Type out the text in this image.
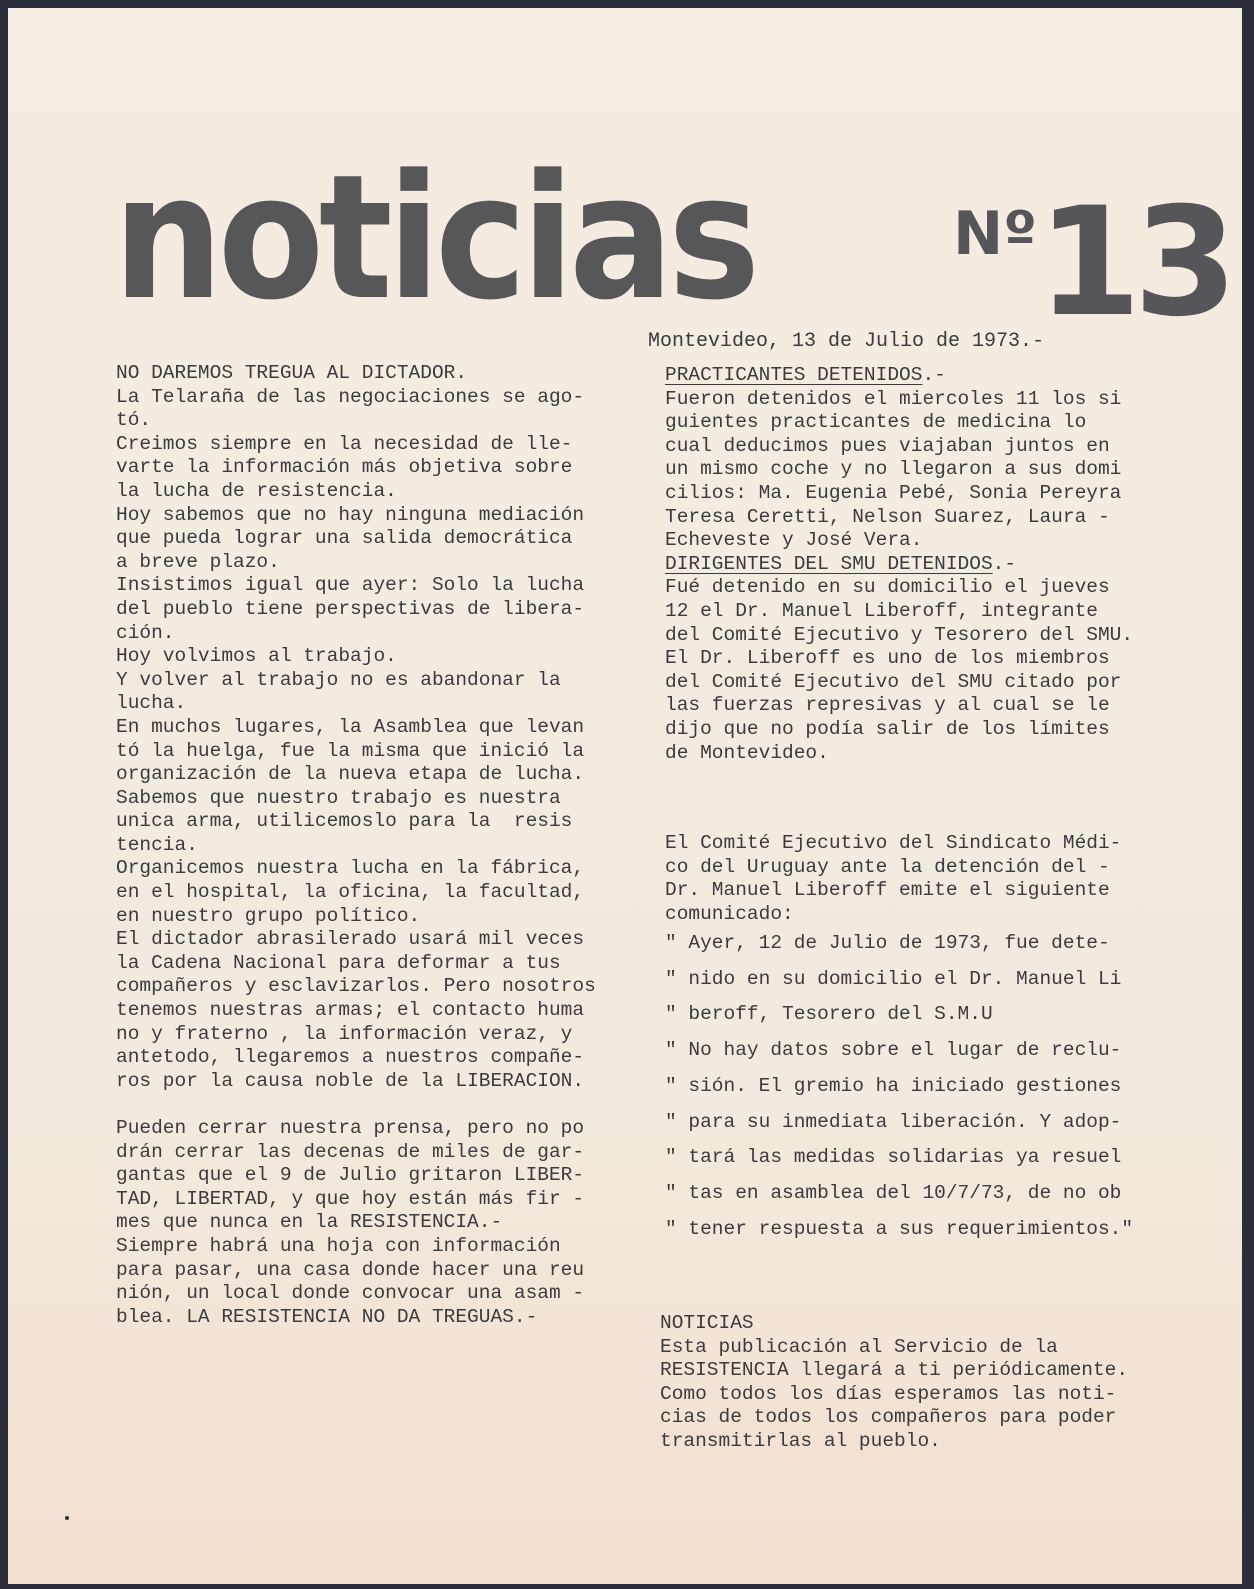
noticias	Nº13
Montevideo, 13 de Julio de 1973.-
NO DAREMOS TREGUA AL DICTADOR.
La Telaraña de las negociaciones se ago-
tó.
Creimos siempre en la necesidad de lle-
varte la información más objetiva sobre
la lucha de resistencia.
Hoy sabemos que no hay ninguna mediación
que pueda lograr una salida democrática
a breve plazo.
Insistimos igual que ayer: Solo la lucha
del pueblo tiene perspectivas de libera-
ción.
Hoy volvimos al trabajo.
Y volver al trabajo no es abandonar la
lucha.
En muchos lugares, la Asamblea que levan
tó la huelga, fue la misma que inició la
organización de la nueva etapa de lucha.
Sabemos que nuestro trabajo es nuestra
unica arma, utilicemoslo para la  resis
tencia.
Organicemos nuestra lucha en la fábrica,
en el hospital, la oficina, la facultad,
en nuestro grupo político.
El dictador abrasilerado usará mil veces
la Cadena Nacional para deformar a tus
compañeros y esclavizarlos. Pero nosotros
tenemos nuestras armas; el contacto huma
no y fraterno , la información veraz, y
antetodo, llegaremos a nuestros compañe-
ros por la causa noble de la LIBERACION.

Pueden cerrar nuestra prensa, pero no po
drán cerrar las decenas de miles de gar-
gantas que el 9 de Julio gritaron LIBER-
TAD, LIBERTAD, y que hoy están más fir -
mes que nunca en la RESISTENCIA.-
Siempre habrá una hoja con información
para pasar, una casa donde hacer una reu
nión, un local donde convocar una asam -
blea. LA RESISTENCIA NO DA TREGUAS.-
PRACTICANTES DETENIDOS.-
Fueron detenidos el miercoles 11 los si
guientes practicantes de medicina lo
cual deducimos pues viajaban juntos en
un mismo coche y no llegaron a sus domi
cilios: Ma. Eugenia Pebé, Sonia Pereyra
Teresa Ceretti, Nelson Suarez, Laura -
Echeveste y José Vera.
DIRIGENTES DEL SMU DETENIDOS.-
Fué detenido en su domicilio el jueves
12 el Dr. Manuel Liberoff, integrante
del Comité Ejecutivo y Tesorero del SMU.
El Dr. Liberoff es uno de los miembros
del Comité Ejecutivo del SMU citado por
las fuerzas represivas y al cual se le
dijo que no podía salir de los límites
de Montevideo.
El Comité Ejecutivo del Sindicato Médi-
co del Uruguay ante la detención del -
Dr. Manuel Liberoff emite el siguiente
comunicado:
" Ayer, 12 de Julio de 1973, fue dete-
" nido en su domicilio el Dr. Manuel Li
" beroff, Tesorero del S.M.U
" No hay datos sobre el lugar de reclu-
" sión. El gremio ha iniciado gestiones
" para su inmediata liberación. Y adop-
" tará las medidas solidarias ya resuel
" tas en asamblea del 10/7/73, de no ob
" tener respuesta a sus requerimientos."
NOTICIAS
Esta publicación al Servicio de la
RESISTENCIA llegará a ti periódicamente.
Como todos los días esperamos las noti-
cias de todos los compañeros para poder
transmitirlas al pueblo.
